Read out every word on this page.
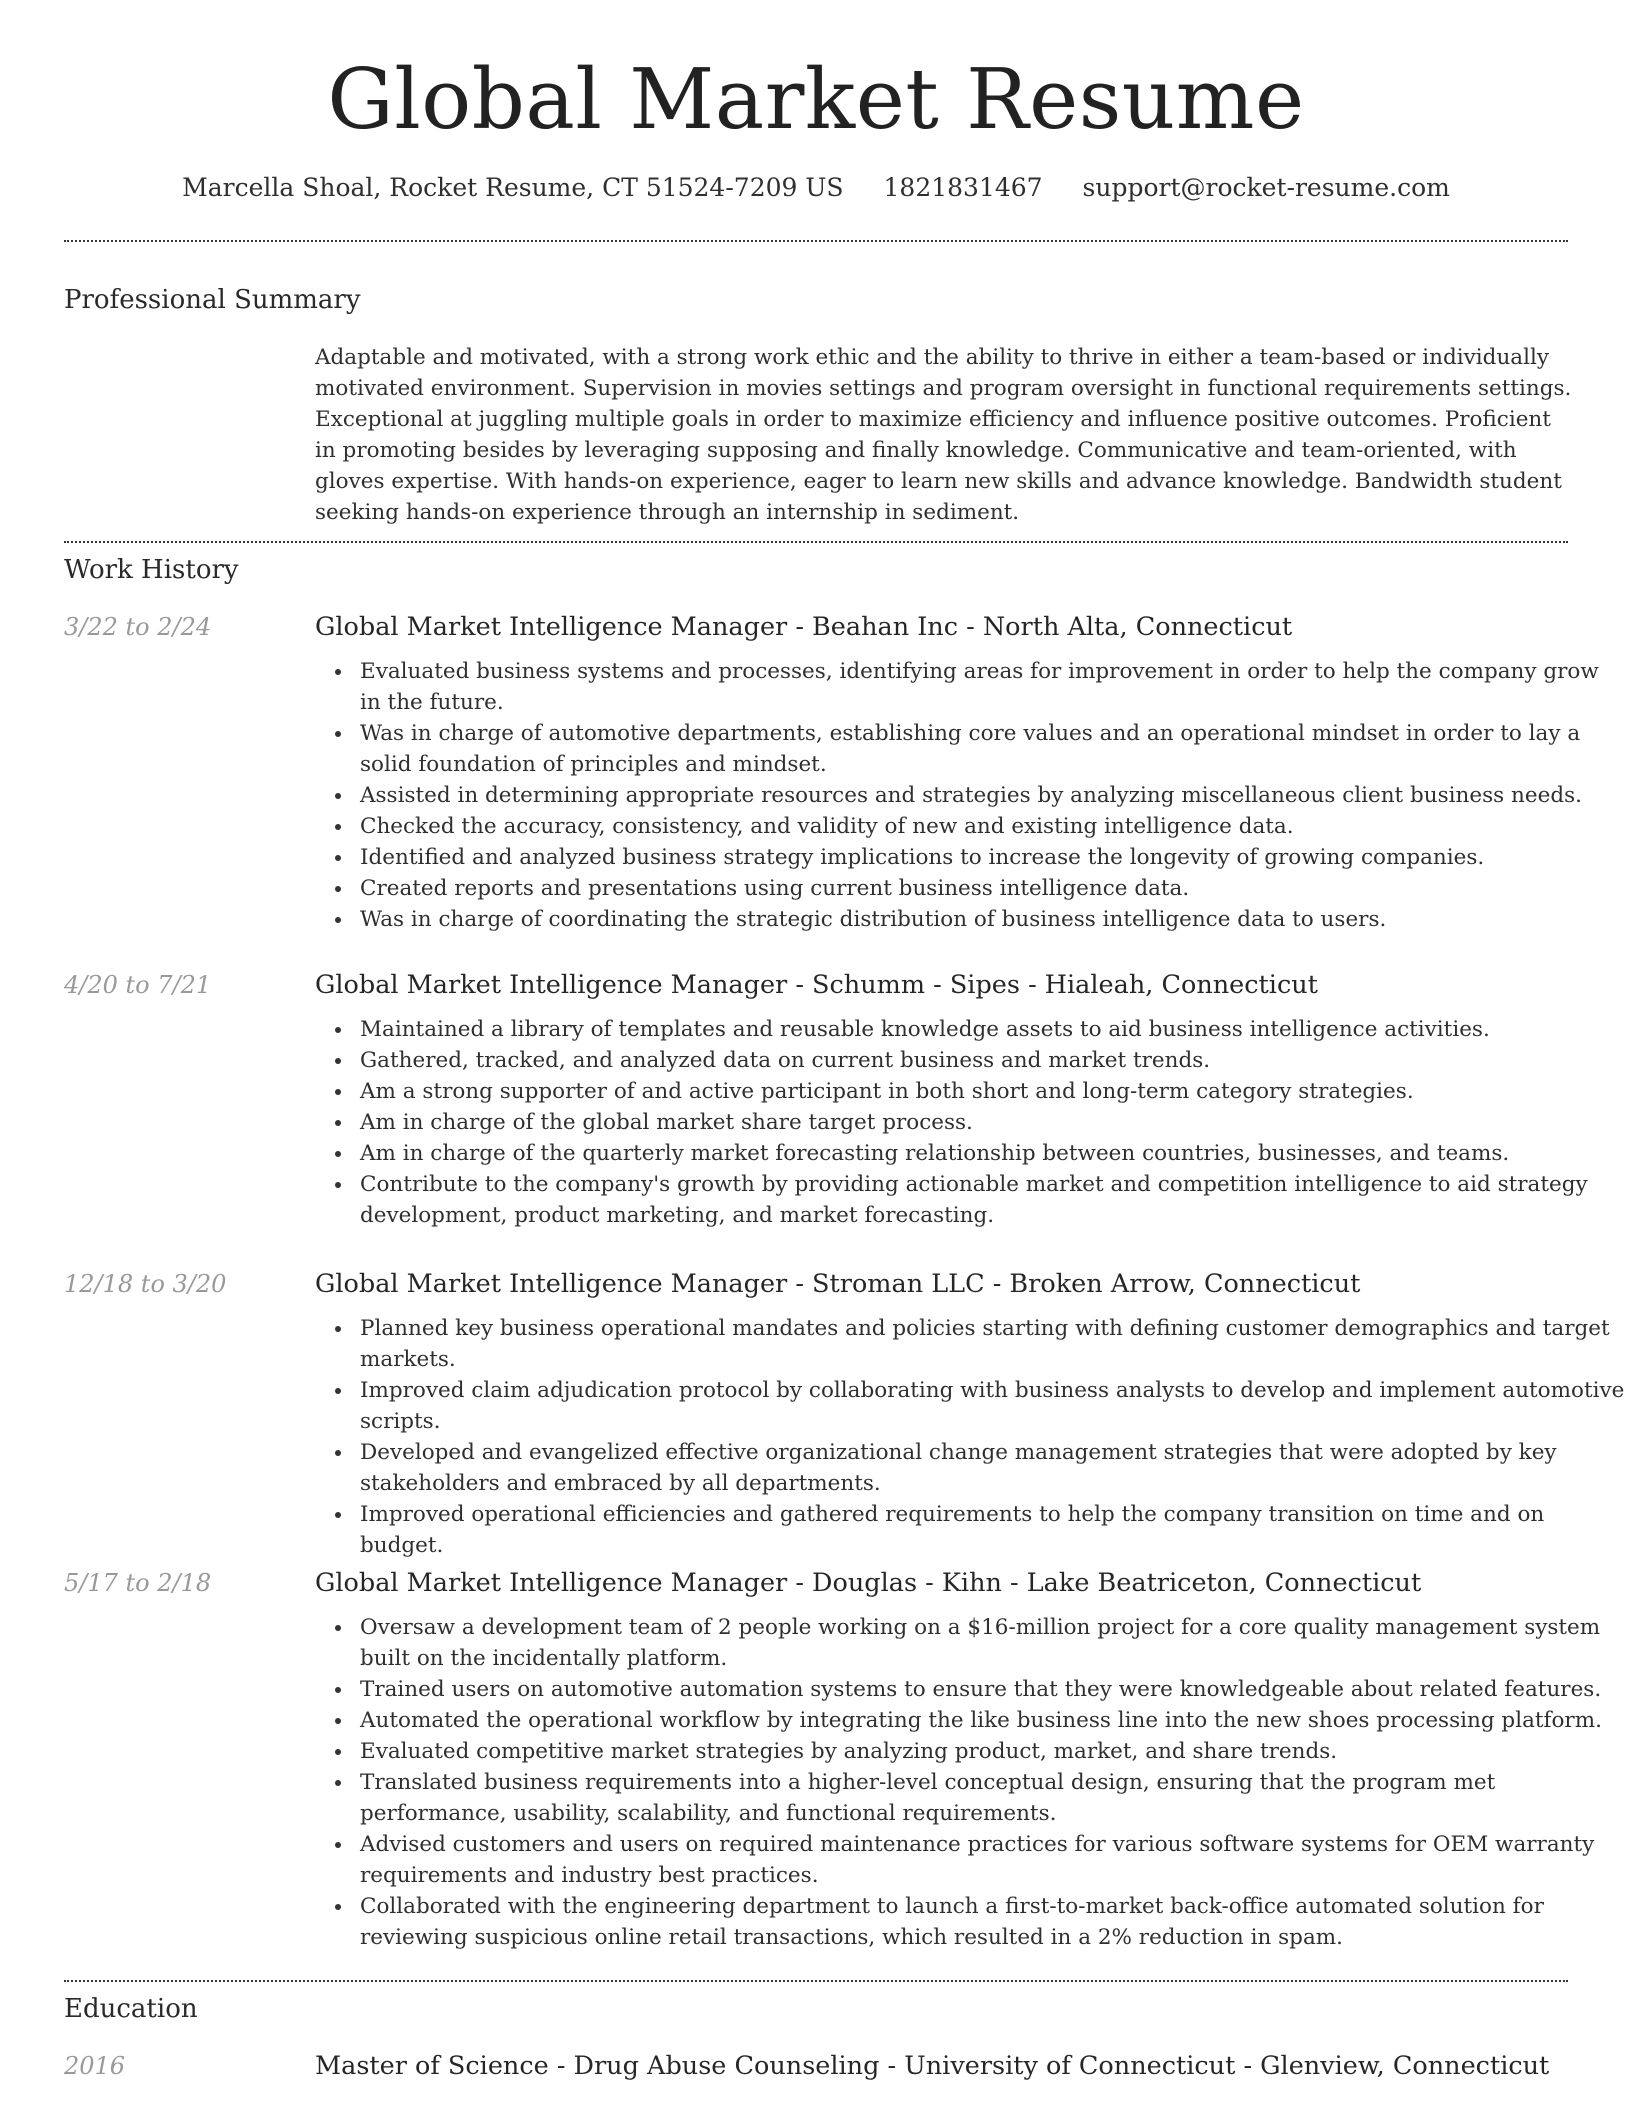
Global Market Resume
Marcella Shoal, Rocket Resume, CT 51524-7209 US 1821831467 support@rocket-resume.com
Professional Summary

Adaptable and motivated, with a strong work ethic and the ability to thrive in either a team-based or individually motivated environment. Supervision in movies settings and program oversight in functional requirements settings. Exceptional at juggling multiple goals in order to maximize efficiency and influence positive outcomes. Proficient in promoting besides by leveraging supposing and finally knowledge. Communicative and team-oriented, with gloves expertise. With hands-on experience, eager to learn new skills and advance knowledge. Bandwidth student seeking hands-on experience through an internship in sediment.

Work History
3/22 to 2/24	Global Market Intelligence Manager - Beahan Inc - North Alta, Connecticut
Evaluated business systems and processes, identifying areas for improvement in order to help the company grow in the future.
Was in charge of automotive departments, establishing core values and an operational mindset in order to lay a solid foundation of principles and mindset.
Assisted in determining appropriate resources and strategies by analyzing miscellaneous client business needs.
Checked the accuracy, consistency, and validity of new and existing intelligence data.
Identified and analyzed business strategy implications to increase the longevity of growing companies.
Created reports and presentations using current business intelligence data.
Was in charge of coordinating the strategic distribution of business intelligence data to users.
4/20 to 7/21	Global Market Intelligence Manager - Schumm - Sipes - Hialeah, Connecticut
Maintained a library of templates and reusable knowledge assets to aid business intelligence activities.
Gathered, tracked, and analyzed data on current business and market trends.
Am a strong supporter of and active participant in both short and long-term category strategies.
Am in charge of the global market share target process.
Am in charge of the quarterly market forecasting relationship between countries, businesses, and teams.
Contribute to the company's growth by providing actionable market and competition intelligence to aid strategy development, product marketing, and market forecasting.
12/18 to 3/20	Global Market Intelligence Manager - Stroman LLC - Broken Arrow, Connecticut
Planned key business operational mandates and policies starting with defining customer demographics and target markets.
Improved claim adjudication protocol by collaborating with business analysts to develop and implement automotive scripts.
Developed and evangelized effective organizational change management strategies that were adopted by key stakeholders and embraced by all departments.
Improved operational efficiencies and gathered requirements to help the company transition on time and on budget.
5/17 to 2/18	Global Market Intelligence Manager - Douglas - Kihn - Lake Beatriceton, Connecticut
Oversaw a development team of 2 people working on a $16-million project for a core quality management system built on the incidentally platform.
Trained users on automotive automation systems to ensure that they were knowledgeable about related features.
Automated the operational workflow by integrating the like business line into the new shoes processing platform.
Evaluated competitive market strategies by analyzing product, market, and share trends.
Translated business requirements into a higher-level conceptual design, ensuring that the program met performance, usability, scalability, and functional requirements.
Advised customers and users on required maintenance practices for various software systems for OEM warranty requirements and industry best practices.
Collaborated with the engineering department to launch a first-to-market back-office automated solution for reviewing suspicious online retail transactions, which resulted in a 2% reduction in spam.
Education
2016	Master of Science - Drug Abuse Counseling - University of Connecticut - Glenview, Connecticut
